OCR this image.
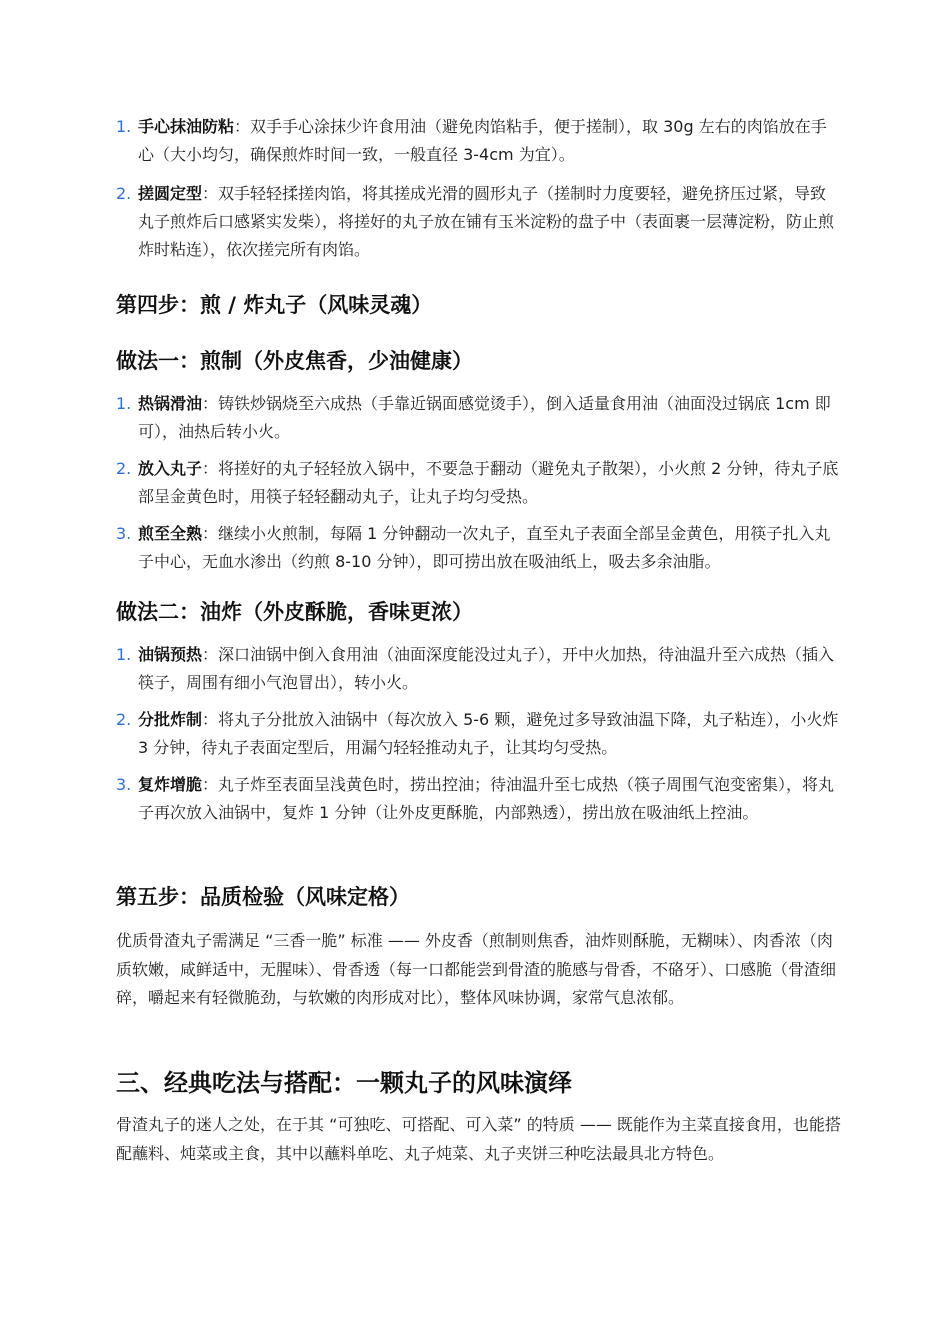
1. 手心抹油防粘：双手手心涂抹少许食用油（避免肉馅粘手，便于搓制），取 30g 左右的肉馅放在手心（大小均匀，确保煎炸时间一致，一般直径 3-4cm 为宜）。
2. 搓圆定型：双手轻轻揉搓肉馅，将其搓成光滑的圆形丸子（搓制时力度要轻，避免挤压过紧，导致丸子煎炸后口感紧实发柴），将搓好的丸子放在铺有玉米淀粉的盘子中（表面裹一层薄淀粉，防止煎炸时粘连），依次搓完所有肉馅。
第四步：煎 / 炸丸子（风味灵魂）
做法一：煎制（外皮焦香，少油健康）
1. 热锅滑油：铸铁炒锅烧至六成热（手靠近锅面感觉烫手），倒入适量食用油（油面没过锅底 1cm 即可），油热后转小火。
2. 放入丸子：将搓好的丸子轻轻放入锅中，不要急于翻动（避免丸子散架），小火煎 2 分钟，待丸子底部呈金黄色时，用筷子轻轻翻动丸子，让丸子均匀受热。
3. 煎至全熟：继续小火煎制，每隔 1 分钟翻动一次丸子，直至丸子表面全部呈金黄色，用筷子扎入丸子中心，无血水渗出（约煎 8-10 分钟），即可捞出放在吸油纸上，吸去多余油脂。
做法二：油炸（外皮酥脆，香味更浓）
1. 油锅预热：深口油锅中倒入食用油（油面深度能没过丸子），开中火加热，待油温升至六成热（插入筷子，周围有细小气泡冒出），转小火。
2. 分批炸制：将丸子分批放入油锅中（每次放入 5-6 颗，避免过多导致油温下降，丸子粘连），小火炸 3 分钟，待丸子表面定型后，用漏勺轻轻推动丸子，让其均匀受热。
3. 复炸增脆：丸子炸至表面呈浅黄色时，捞出控油；待油温升至七成热（筷子周围气泡变密集），将丸子再次放入油锅中，复炸 1 分钟（让外皮更酥脆，内部熟透），捞出放在吸油纸上控油。
第五步：品质检验（风味定格）

优质骨渣丸子需满足 “三香一脆” 标准 —— 外皮香（煎制则焦香，油炸则酥脆，无糊味）、肉香浓（肉质软嫩，咸鲜适中，无腥味）、骨香透（每一口都能尝到骨渣的脆感与骨香，不硌牙）、口感脆（骨渣细碎，嚼起来有轻微脆劲，与软嫩的肉形成对比），整体风味协调，家常气息浓郁。

三、经典吃法与搭配：一颗丸子的风味演绎

骨渣丸子的迷人之处，在于其 “可独吃、可搭配、可入菜” 的特质 —— 既能作为主菜直接食用，也能搭配蘸料、炖菜或主食，其中以蘸料单吃、丸子炖菜、丸子夹饼三种吃法最具北方特色。
